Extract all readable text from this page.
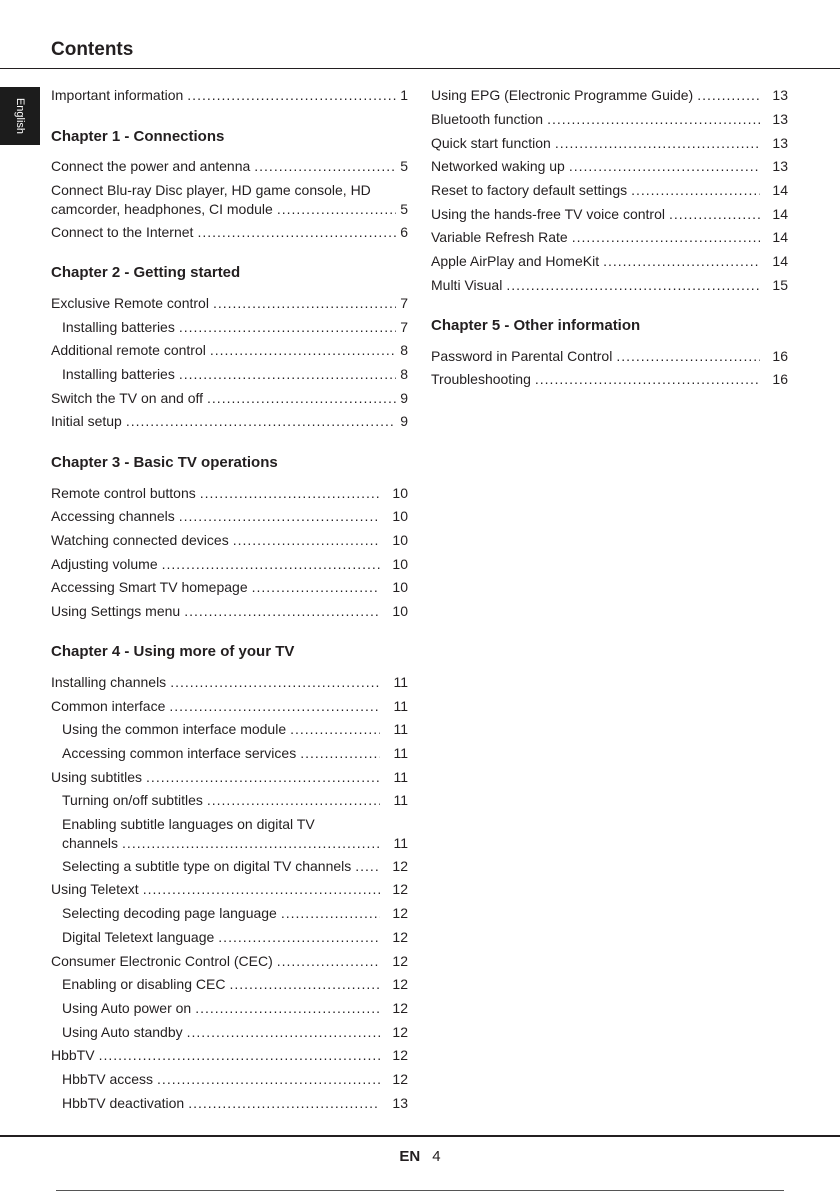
Contents
English
Important information .....	1
Chapter 1 - Connections
Connect the power and antenna .....	5
Connect Blu-ray Disc player, HD game console, HD
camcorder, headphones, CI module .....	5
Connect to the Internet .....	6
Chapter 2 - Getting started
Exclusive Remote control .....	7
Installing batteries .....	7
Additional remote control .....	8
Installing batteries .....	8
Switch the TV on and off .....	9
Initial setup .....	9
Chapter 3 - Basic TV operations
Remote control buttons .....	10
Accessing channels .....	10
Watching connected devices .....	10
Adjusting volume .....	10
Accessing Smart TV homepage .....	10
Using Settings menu .....	10
Chapter 4 - Using more of your TV
Installing channels .....	11
Common interface .....	11
Using the common interface module .....	11
Accessing common interface services .....	11
Using subtitles .....	11
Turning on/off subtitles .....	11
Enabling subtitle languages on digital TV
channels .....	11
Selecting a subtitle type on digital TV channels .....	12
Using Teletext .....	12
Selecting decoding page language .....	12
Digital Teletext language .....	12
Consumer Electronic Control (CEC) .....	12
Enabling or disabling CEC .....	12
Using Auto power on .....	12
Using Auto standby .....	12
HbbTV .....	12
HbbTV access .....	12
HbbTV deactivation .....	13
Using EPG (Electronic Programme Guide) .....	13
Bluetooth function .....	13
Quick start function .....	13
Networked waking up .....	13
Reset to factory default settings .....	14
Using the hands-free TV voice control .....	14
Variable Refresh Rate .....	14
Apple AirPlay and HomeKit .....	14
Multi Visual .....	15
Chapter 5 - Other information
Password in Parental Control .....	16
Troubleshooting .....	16
EN 4
